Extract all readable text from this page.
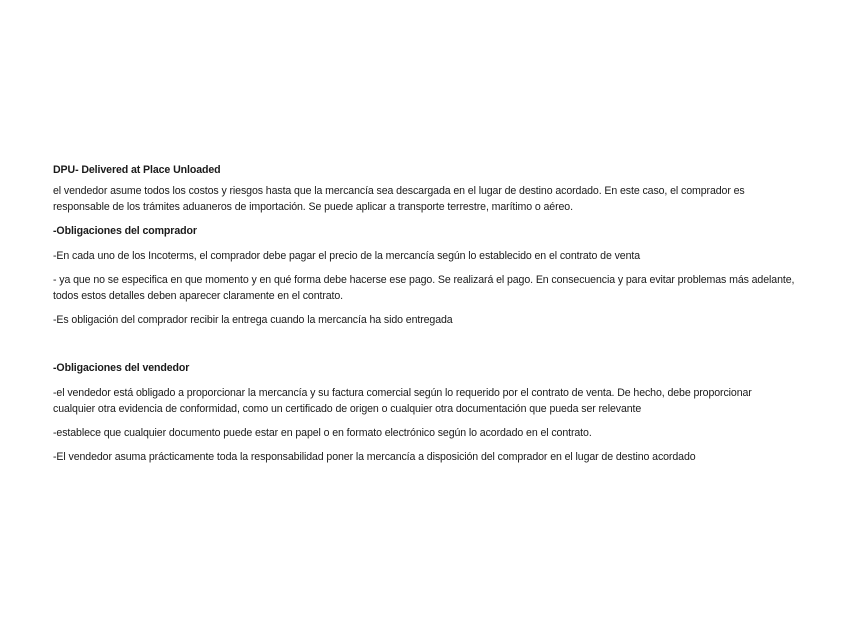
DPU- Delivered at Place Unloaded

el vendedor asume todos los costos y riesgos hasta que la mercancía sea descargada en el lugar de destino acordado. En este caso, el comprador es responsable de los trámites aduaneros de importación. Se puede aplicar a transporte terrestre, marítimo o aéreo.

-Obligaciones del comprador

-En cada uno de los Incoterms, el comprador debe pagar el precio de la mercancía según lo establecido en el contrato de venta

- ya que no se especifica en que momento y en qué forma debe hacerse ese pago. Se realizará el pago. En consecuencia y para evitar problemas más adelante, todos estos detalles deben aparecer claramente en el contrato.

-Es obligación del comprador recibir la entrega cuando la mercancía ha sido entregada

-Obligaciones del vendedor

-el vendedor está obligado a proporcionar la mercancía y su factura comercial según lo requerido por el contrato de venta. De hecho, debe proporcionar cualquier otra evidencia de conformidad, como un certificado de origen o cualquier otra documentación que pueda ser relevante

-establece que cualquier documento puede estar en papel o en formato electrónico según lo acordado en el contrato.

-El vendedor asuma prácticamente toda la responsabilidad poner la mercancía a disposición del comprador en el lugar de destino acordado
